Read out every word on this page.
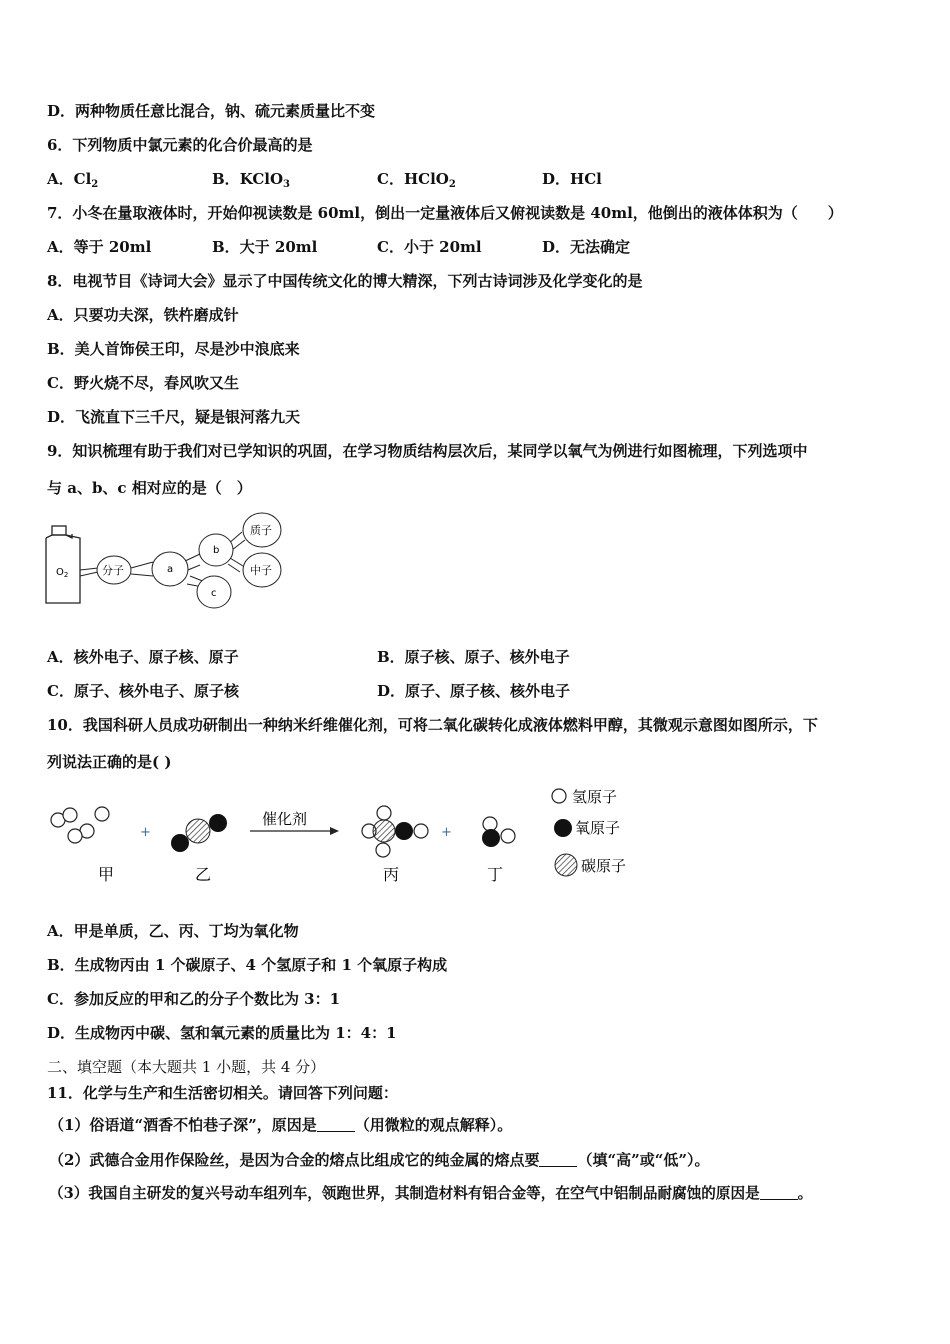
D．两种物质任意比混合，钠、硫元素质量比不变
6．下列物质中氯元素的化合价最高的是
A．$Cl_2$	B．KClO$_3$	C．HClO$_2$	D．HCl
7．小冬在量取液体时，开始仰视读数是 60ml，倒出一定量液体后又俯视读数是 40ml，他倒出的液体体积为（　　）
A．等于 20ml	B．大于 20ml	C．小于 20ml	D．无法确定
8．电视节目《诗词大会》显示了中国传统文化的博大精深，下列古诗词涉及化学变化的是
A．只要功夫深，铁杵磨成针
B．美人首饰侯王印，尽是沙中浪底来
C．野火烧不尽，春风吹又生
D．飞流直下三千尺，疑是银河落九天
9．知识梳理有助于我们对已学知识的巩固，在学习物质结构层次后，某同学以氧气为例进行如图梳理，下列选项中
与 a、b、c 相对应的是（　）
$O_2$	分子	a
b
c
质子
中子
A．核外电子、原子核、原子	B．原子核、原子、核外电子
C．原子、核外电子、原子核	D．原子、原子核、核外电子
10．我国科研人员成功研制出一种纳米纤维催化剂，可将二氧化碳转化成液体燃料甲醇，其微观示意图如图所示，下
列说法正确的是( )
+
催化剂
+
甲	乙	丙	丁
氢原子
氧原子
碳原子
A．甲是单质，乙、丙、丁均为氧化物
B．生成物丙由 1 个碳原子、4 个氢原子和 1 个氧原子构成
C．参加反应的甲和乙的分子个数比为 3：1
D．生成物丙中碳、氢和氧元素的质量比为 1：4：1
二、填空题（本大题共 1 小题，共 4 分）
11．化学与生产和生活密切相关。请回答下列问题：
（1）俗语道“酒香不怕巷子深”，原因是	（用微粒的观点解释）。
（2）武德合金用作保险丝，是因为合金的熔点比组成它的纯金属的熔点要	（填“高”或“低”）。
（3）我国自主研发的复兴号动车组列车，领跑世界，其制造材料有铝合金等，在空气中铝制品耐腐蚀的原因是	。
